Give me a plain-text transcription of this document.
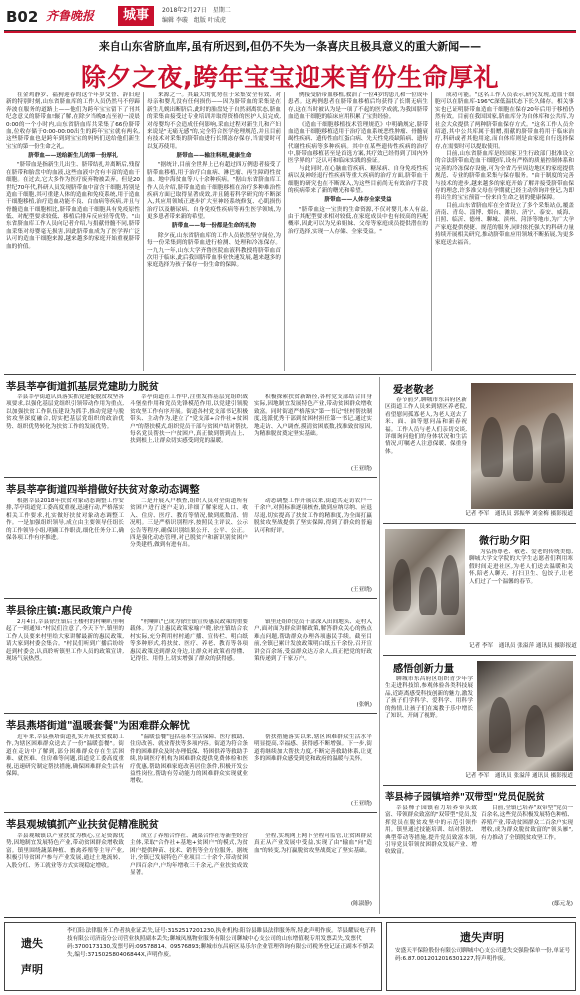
B02 齐鲁晚报	城事	2018年2月27日　星期二
编辑 李璇　组版 叶成虎
来自山东省脐血库,虽有所迟到,但仍不失为一条喜庆且极具意义的重大新闻——
除夕之夜,跨年宝宝迎来首份生命厚礼

在金鸡静岁、福狗迎春的这个年岁交替、辞旧迎新的特别时刻,山东省脐血库的工作人员仍然马不停蹄奔波在服务的道路上——他们为跨年宝宝留下了刊其纪念意义的脐带血!辗了解,在除夕当晚8点至初一凌晨0:00的一个小时内,山东省脐血库共采集了66份脐带血,位收存储于0:00-00:00出生的跨年宝宝就有两名,这些脐带血也是跨年到到宝宝的妈妈们送给他们新生宝宝的第一份生命之礼。

脐带血——送给新生儿的第一份厚礼

"脐带血是指新生儿出生、脐带结扎并离断后,残留在脐带和胎盘中的血液,这些血液中含有丰富的造血干细胞。在过去,它大多作为医疗废弃物被丢弃。但是20世纪70年代,科研人员发现脐带血中富含干细胞,特别是造血干细胞,其可重建人体的造血和免疫系统,用于造血干细胞移植,治疗造血功能不良、白血病等疾病,并且与骨髓造血干细胞相比,脐带血造血干细胞具有免疫原性低、对配型要求较低、移植后排斥反应轻等优势。"山东省脐血库工作人员向记者介绍,与捐献骨髓不同,脐带血采集对母婴毫无损害,因此脐带血成为了医学界广泛认可的造血干细胞来源,越来越多的家庭开始重视脐带血的价值。

来源之一。其最大的优势在于采集安全有效、对母亲和婴儿没有任何损伤——因为脐带血的采集是在新生儿娩出断脐后,此时的胎盘处于自然剥离状态,脐血的采集由接受过专业培训并取得资格的医护人员完成,对母婴均不会造成任何影响,采血过程对新生儿和产妇来说是"无痛无感"的,完全符合医学伦理规范,并且目前有技术对采集的脐带血进行长期冻存保存,当需要时可以复苏使用。

脐带血——输注料理,健康生命

"据统计,目前全世界上已有超过四万例患者接受了脐带血移植,用于治疗白血病、淋巴瘤、再生障碍性贫血、地中海贫血等八十余种疾病。"据山东省脐血库工作人员介绍,脐带血造血干细胞移植在治疗多种难治性疾病方面已取得显著成效,并且随着科学研究的不断深入,其应用领域正逐步扩大至神经系统修复、心肌损伤治疗以及糖尿病、自身免疫性疾病等再生医学领域,为更多患者带来新的希望。

脐带血——每一份都是生命的礼物

除夕夜,山东省脐血库的工作人员依然坚守岗位,为每一份采集到的脐带血进行检测、处理和冷冻保存。一九九一年,山东大学齐鲁医院血液科教授将脐带血首次用于临床,此后我国脐带血事业快速发展,越来越多的家庭选择为孩子保存一份生命的保障。

例接受脐带血移植,救治了一位4岁的患儿和一位成年患者。这两例患者在脐带血移植后均获得了长期无病生存,这在当时被认为是一项了不起的医学成就,为我国脐带血造血干细胞的临床应用积累了宝贵经验。

《造血干细胞移植技术管理规范》中明确规定,脐带血造血干细胞移植适用于治疗造血系统恶性肿瘤、骨髓衰竭性疾病、遗传性血红蛋白病、先天性免疫缺陷病、遗传代谢性疾病等多种疾病。其中在某些遗传性疾病的治疗中,脐带血移植甚至是首选方案,其疗效已经得到了国内外医学界的广泛认可和临床实践的验证。

与此同时,在心脑血管疾病、糖尿病、自身免疫性疾病以及神经退行性疾病等重大疾病的治疗方面,脐带血干细胞的研究也在不断深入,为这些目前尚无有效治疗手段的疾病带来了新的曙光和希望。

脐带血——人体存全家受益

"脐带血这一宝贵的生命资源,不仅对婴儿本人有益,由于其配型要求相对较低,在家庭成员中也有较高的匹配概率,因此可以为兄弟姐妹、父母等家庭成员提供潜在的治疗选择,实现一人存储、全家受益。"

成功可能。"这名工作人员表示,研究发现,造血干细胞可以在脐血库-196℃深低温状态下长久储存。相关事实也已证明脐带血造血干细胞在保存20年后用于移植仍然有效。目前在我国国家,脐血库分为自体库和公共库,为社会大众提供了两种脐带血保存方式。"这名工作人员介绍道,其中公共库属于捐赠,捐献的脐带血将用于临床治疗,科研或者其他用途,而自体库则是由家庭自行选择保存,在需要时可以提取使用。

目前,山东省脐血库是经国家卫生行政部门批准设立的合法脐带血造血干细胞库,设有严格的质量控制体系和完善的冷冻保存设施,可为全省乃至周边地区的家庭提供规范、专业的脐带血采集与保存服务。"由于制度的完善与技术的进步,越来越多的家庭开始了解并接受脐带血保存的理念,许多准父母在孕期就已经主动咨询并登记,为即将出生的宝宝预留一份来自生命之初的健康保障。

目前,山东省脐血库在全省设立了多个采集站点,覆盖济南、青岛、淄博、烟台、潍坊、济宁、泰安、威海、日照、临沂、德州、聊城、滨州、菏泽等地市,为广大孕产家庭提供便捷、规范的服务,同时依托强大的科研力量持续开展相关研究,推动脐带血应用领域不断拓展,为更多家庭送去福音。

莘县莘亭街道抓基层党建助力脱贫

莘县莘亭街道认真落实抓党建促脱贫攻坚各项要求,以强化基层党组织引领带动作用为重点,以加强扶贫工作队伍建设为抓手,推动党建与脱贫攻坚深度融合,切实把基层党组织的政治优势、组织优势转化为扶贫工作的发展优势。

莘亭街道在工作中,注重发挥基层党组织战斗堡垒作用和党员先锋模范作用,以党建引领脱贫攻坚工作有序开展。街道各村党支部书记积极带头、主动作为,建立了"党支部+合作社+贫困户"的帮扶模式,组织党员干部与贫困户结对帮扶,每名党员帮扶一户贫困户,真正做到帮到点上、扶到根上,让群众切实感受到党的温暖。

积极探索扶贫新路径,各村党支部结合自身实际,因地制宜发展特色产业,带动贫困群众增收致富。同时街道严格落实"第一书记"驻村帮扶制度,选派优秀干部到贫困村担任第一书记,通过实地走访、入户调查,摸清贫困底数,找准致贫原因,为精准脱贫奠定坚实基础。

(王亚晓)
莘县莘亭街道四举措做好扶贫对象动态调整

根据莘县2018年扶贫对象动态调整工作安排,莘亭街道党工委高度重视,迅速行动,严格落实相关工作要求,扎实做好扶贫对象动态调整工作。一是加强组织领导,成立由主要领导任组长的工作领导小组,明确工作职责,细化任务分工,确保各项工作有序推进。

二是开展入户核查,组织人员对全街道所有贫困户进行逐户走访,详细了解家庭人口、收入、住房、医疗、教育等情况,做到底数清、情况明。三是严格识别程序,按照民主评议、公示公告等程序,确保识别结果公开、公平、公正。四是强化动态管理,对已脱贫户和新识别贫困户分类建档,做到有进有出。

动态调整工作开展以来,街道共走访农户一千余户,对照标准逐项核查,做到应纳尽纳、应退尽退,切实提高了扶贫工作的精准度,为全面打赢脱贫攻坚战提供了坚实保障,得到了群众的普遍认可和好评。

(王亚晓)
莘县徐庄镇:惠民政策户户传

2月4日,莘县徐庄镇后王楼村的村喇叭里响起了一则通知:"村民们注意了,今天下午,镇里的工作人员要来村里给大家讲解最新的惠民政策,请大家到村委会集合。"村民们听到广播后纷纷赶到村委会,认真聆听镇里工作人员的政策宣讲,现场气氛热烈。

"村喇叭"已成为徐庄镇宣传惠民政策的重要载体。为了让惠民政策家喻户晓,徐庄镇结合农村实际,充分利用村村通广播、宣传栏、明白纸等多种形式,将扶贫、医疗、养老、教育等各项惠民政策送到群众身边,让群众对政策看得懂、记得住、用得上,切实增强了群众的获得感。

镇里还组织党员干部深入田间地头、走村入户,面对面为群众讲解政策,解答群众关心的热点难点问题,帮助群众办理各项惠民手续。截至目前,全镇已累计发放政策明白纸五千余份,召开宣讲会百余场,受益群众达万余人,真正把党的好政策传递到了千家万户。

(张帆)
莘县燕塔街道"温暖套餐"为困难群众解忧

近年来,莘县燕塔街道扎实开展扶贫救助工作,为辖区困难群众送去了一份"温暖套餐"。街道在走访中了解到,部分困难群众存在生活困难、就医难、住房难等问题,街道党工委高度重视,迅速研究制定帮扶措施,确保困难群众生活有保障。

"温暖套餐"包括基本生活保障、医疗救助、住房改善、就业帮扶等多项内容。街道为符合条件的困难群众及时办理低保、特困供养等救助手续,协调医疗机构为困难群众提供免费体检和医疗优惠,帮助困难家庭改善居住条件,积极开发公益性岗位,帮助有劳动能力的困难群众实现就业增收。

帮扶措施落实以来,辖区困难群众生活水平明显提高,幸福感、获得感不断增强。下一步,街道将继续加大帮扶力度,不断完善救助体系,让更多的困难群众感受到党和政府的温暖与关怀。

(王亚晓)
莘县观城镇抓产业扶贫促精准脱贫

莘县观城镇以产业扶贫为核心,立足资源优势,因地制宜发展特色产业,带动贫困群众增收致富。镇里围绕蔬菜种植、畜禽养殖等主导产业,积极引导贫困户参与产业发展,通过土地流转、入股分红、务工就业等方式实现稳定增收。

成立了养殖合作社、蔬菜合作社等新型经营主体,采取"合作社+基地+贫困户"的模式,为贫困户提供种苗、技术、销售等全方位服务。据统计,全镇已发展特色产业项目二十余个,带动贫困户四百余户,户均年增收三千余元,产业扶贫成效显著。

全程,实现网上网下全程可监管,让贫困群众真正从产业发展中受益,实现了由"输血"向"造血"的转变,为打赢脱贫攻坚战奠定了坚实基础。

(陈淑静)
爱老敬老

春节前夕,聊城市东昌府区新区街道工作人员来到辖区养老院,看望慰问孤寡老人,为老人送去了米、面、油等慰问品和新春祝福。工作人员与老人们亲切交谈,详细询问他们的身体状况和生活情况,叮嘱老人注意保暖、保重身体。

记者 李军　通讯员 郭振华 刘金梅 摄影报道
微行助夕阳

为弘扬尊老、敬老、爱老的传统美德,聊城大学文学院的大学生志愿者们利用寒假时间走进社区,为老人们送去温暖和关怀,陪老人聊天、打扫卫生、包饺子,让老人们过了一个温馨的春节。

记者 李军　通讯员 张溢萍 通讯员 摄影报道
感悟创新力量

聊城市东昌府区组织青少年学生走进科技馆,参观体验各类科技展品,近距离感受科技创新的魅力,激发了孩子们学科学、爱科学、用科学的热情,让孩子们在寓教于乐中增长了知识、开阔了视野。

记者 李军　通讯员 张溢萍 通讯员 摄影报道
莘县柿子园镇培养"双带型"党员促脱贫

莘县柿子园镇着力培养带头致富、带领群众致富的"双带型"党员,发挥党员在脱贫攻坚中的示范引领作用。镇里通过技能培训、结对帮扶、典型带动等措施,提升党员致富本领,引导党员带领贫困群众发展产业、增收致富。

目前,全镇已培养"双带型"党员一百余名,这些党员积极发展特色种植、养殖产业,带动贫困群众二百余户实现增收,成为群众脱贫致富的"领头雁",有力推动了全镇脱贫攻坚工作。

(鄢元龙)
遗失
声明
李红阳:法律服务工作者执业证丢失,证号:3152517201230,执业机构:阳谷县睢县法律服务所,特此声明作废。莘县耀辰电子科技有限公司济南分公司营业执照副本丢失;聊城凤凰物业服务有限公司聊城中心支公司的山东增值税专用发票丢失,发票代码:3700173130,发票号码:09578814、09576893;聊城市东昌府区易乐尔企业管理咨询有限公司税务登记证正副本不慎丢失,编号:371502580406844X,声明作废。
遗失声明
安盛天平保险股份有限公司聊城中心支公司遗失交强险保单一份,单证号码:6.87.0012012016301227,特声明作废。
